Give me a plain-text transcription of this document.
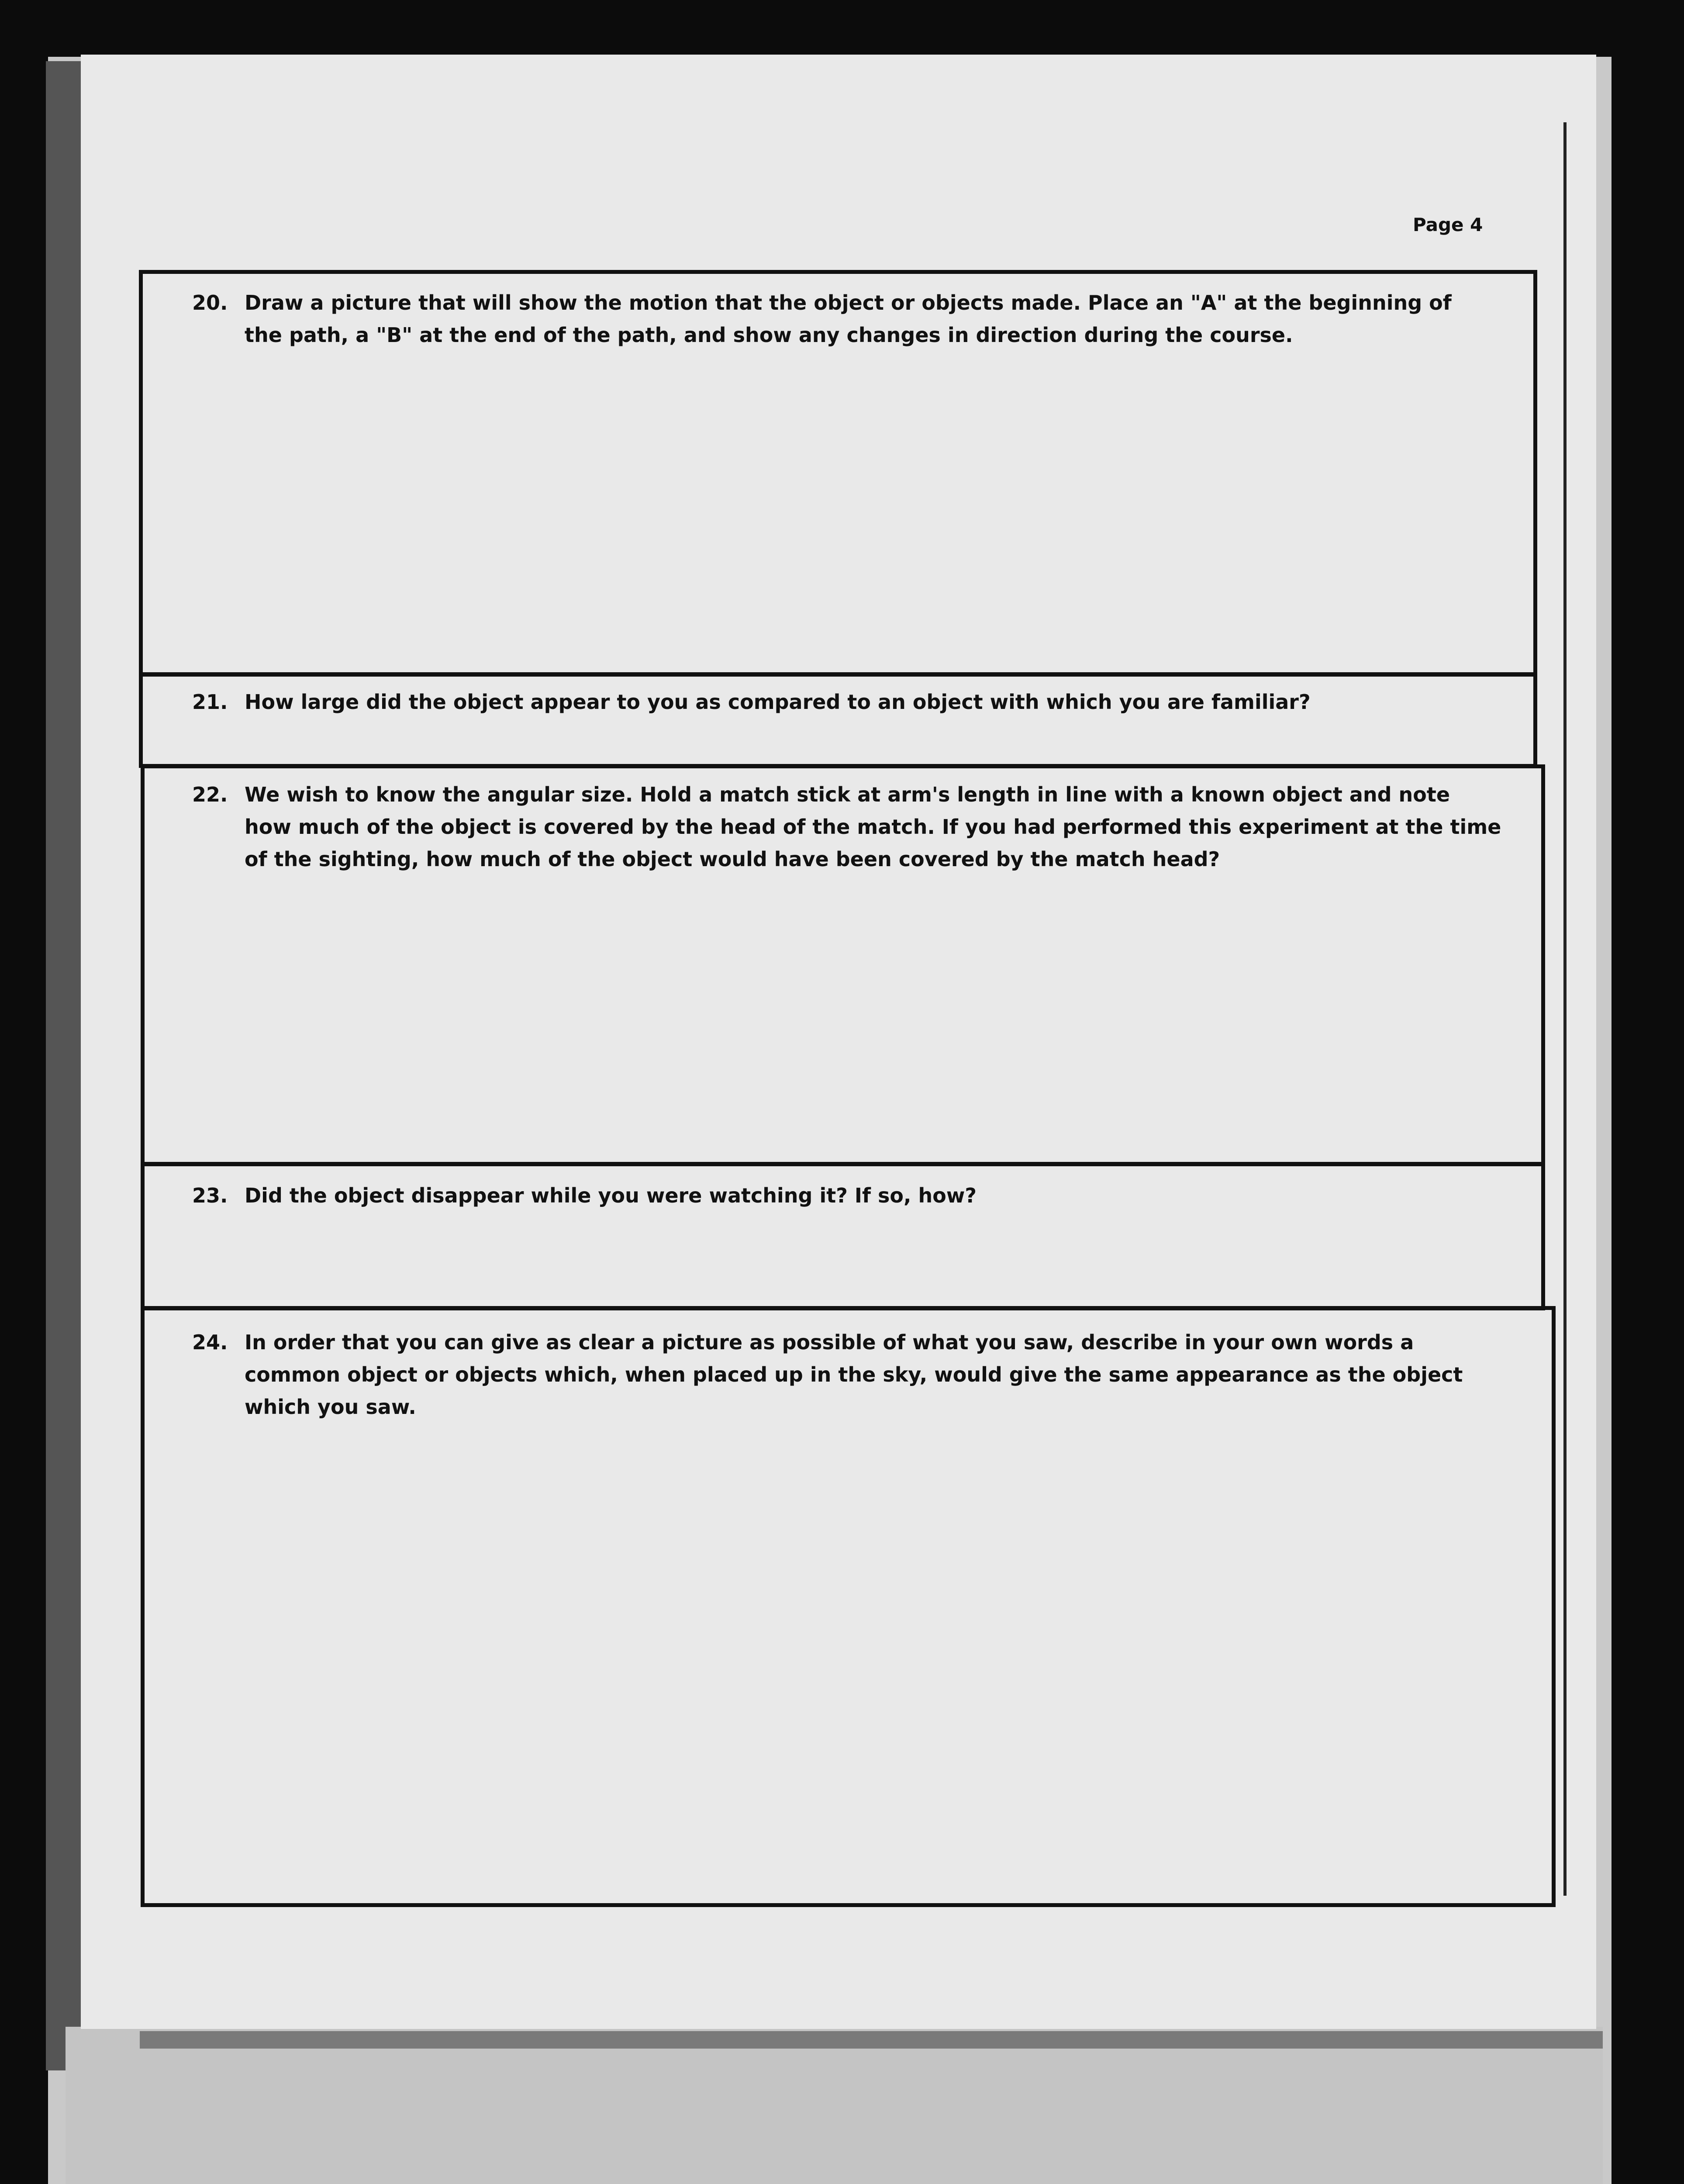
Page 4
20. Draw a picture that will show the motion that the object or objects made. Place an "A" at the beginning of the path, a "B" at the end of the path, and show any changes in direction during the course.
21. How large did the object appear to you as compared to an object with which you are familiar?
22. We wish to know the angular size. Hold a match stick at arm's length in line with a known object and note how much of the object is covered by the head of the match. If you had performed this experiment at the time of the sighting, how much of the object would have been covered by the match head?
23. Did the object disappear while you were watching it? If so, how?
24. In order that you can give as clear a picture as possible of what you saw, describe in your own words a common object or objects which, when placed up in the sky, would give the same appearance as the object which you saw.
